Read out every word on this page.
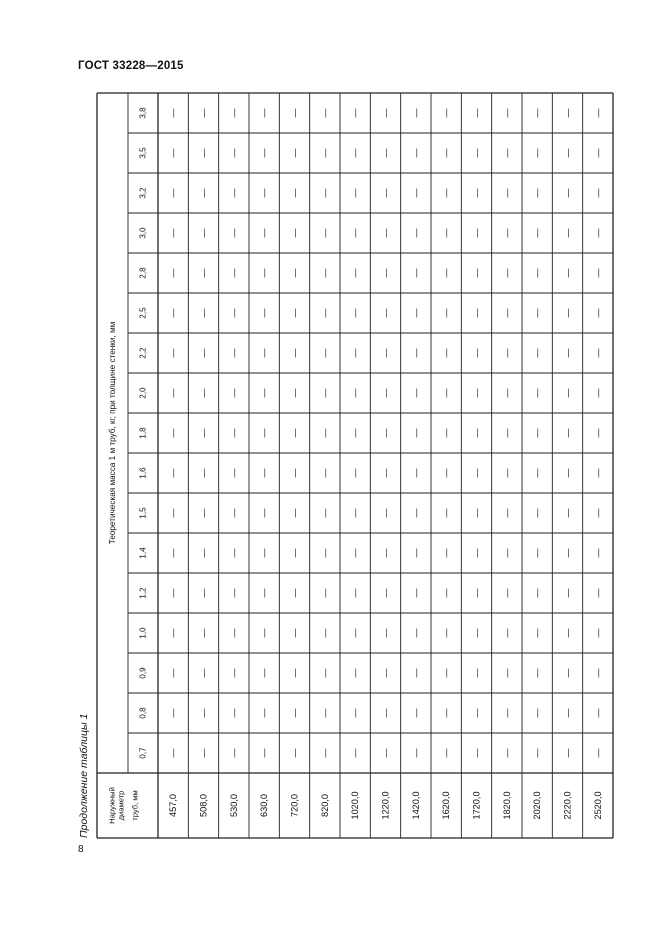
ГОСТ 33228—2015
Продолжение таблицы 1
8
Теоретическая масса 1 м труб, кг, при толщине стенки, мм
Наружный диаметр труб, мм
0,7
0,8
0,9
1,0
1,2
1,4
1,5
1,6
1,8
2,0
2,2
2,5
2,8
3,0
3,2
3,5
3,8
457,0
—
—
—
—
—
—
—
—
—
—
—
—
—
—
—
—
—
508,0
—
—
—
—
—
—
—
—
—
—
—
—
—
—
—
—
—
530,0
—
—
—
—
—
—
—
—
—
—
—
—
—
—
—
—
—
630,0
—
—
—
—
—
—
—
—
—
—
—
—
—
—
—
—
—
720,0
—
—
—
—
—
—
—
—
—
—
—
—
—
—
—
—
—
820,0
—
—
—
—
—
—
—
—
—
—
—
—
—
—
—
—
—
1020,0
—
—
—
—
—
—
—
—
—
—
—
—
—
—
—
—
—
1220,0
—
—
—
—
—
—
—
—
—
—
—
—
—
—
—
—
—
1420,0
—
—
—
—
—
—
—
—
—
—
—
—
—
—
—
—
—
1620,0
—
—
—
—
—
—
—
—
—
—
—
—
—
—
—
—
—
1720,0
—
—
—
—
—
—
—
—
—
—
—
—
—
—
—
—
—
1820,0
—
—
—
—
—
—
—
—
—
—
—
—
—
—
—
—
—
2020,0
—
—
—
—
—
—
—
—
—
—
—
—
—
—
—
—
—
2220,0
—
—
—
—
—
—
—
—
—
—
—
—
—
—
—
—
—
2520,0
—
—
—
—
—
—
—
—
—
—
—
—
—
—
—
—
—
